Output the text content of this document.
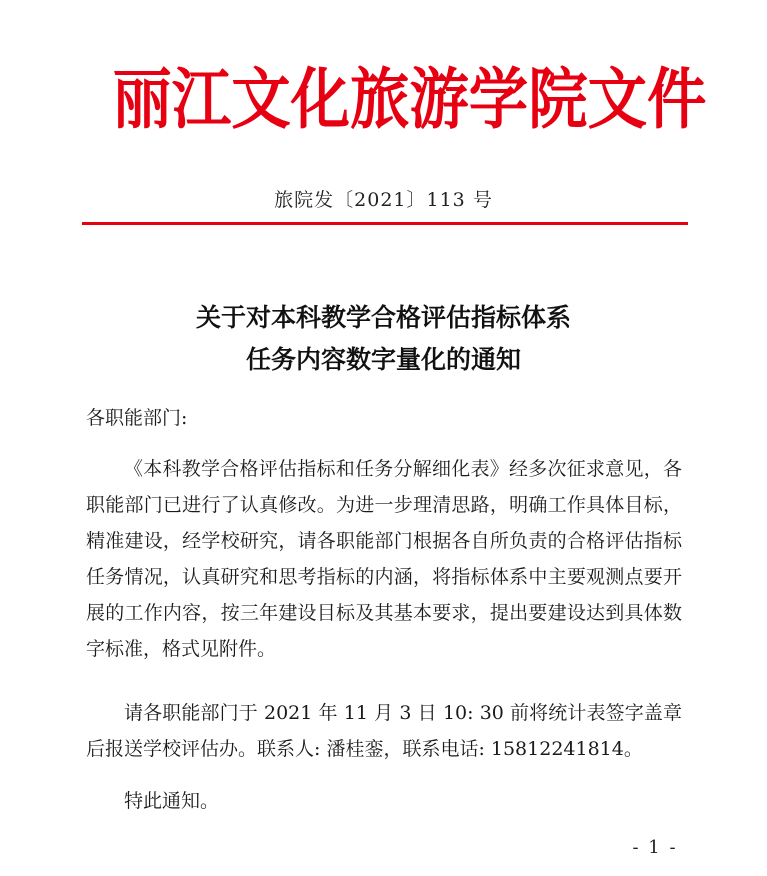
丽江文化旅游学院文件
旅院发〔2021〕113 号
关于对本科教学合格评估指标体系
任务内容数字量化的通知

各职能部门:

《本科教学合格评估指标和任务分解细化表》经多次征求意见，各职能部门已进行了认真修改。为进一步理清思路，明确工作具体目标，精准建设，经学校研究，请各职能部门根据各自所负责的合格评估指标任务情况，认真研究和思考指标的内涵，将指标体系中主要观测点要开展的工作内容，按三年建设目标及其基本要求，提出要建设达到具体数字标准，格式见附件。

请各职能部门于 2021 年 11 月 3 日 10: 30 前将统计表签字盖章后报送学校评估办。联系人: 潘桂銮，联系电话: 15812241814。

特此通知。

- 1 -
